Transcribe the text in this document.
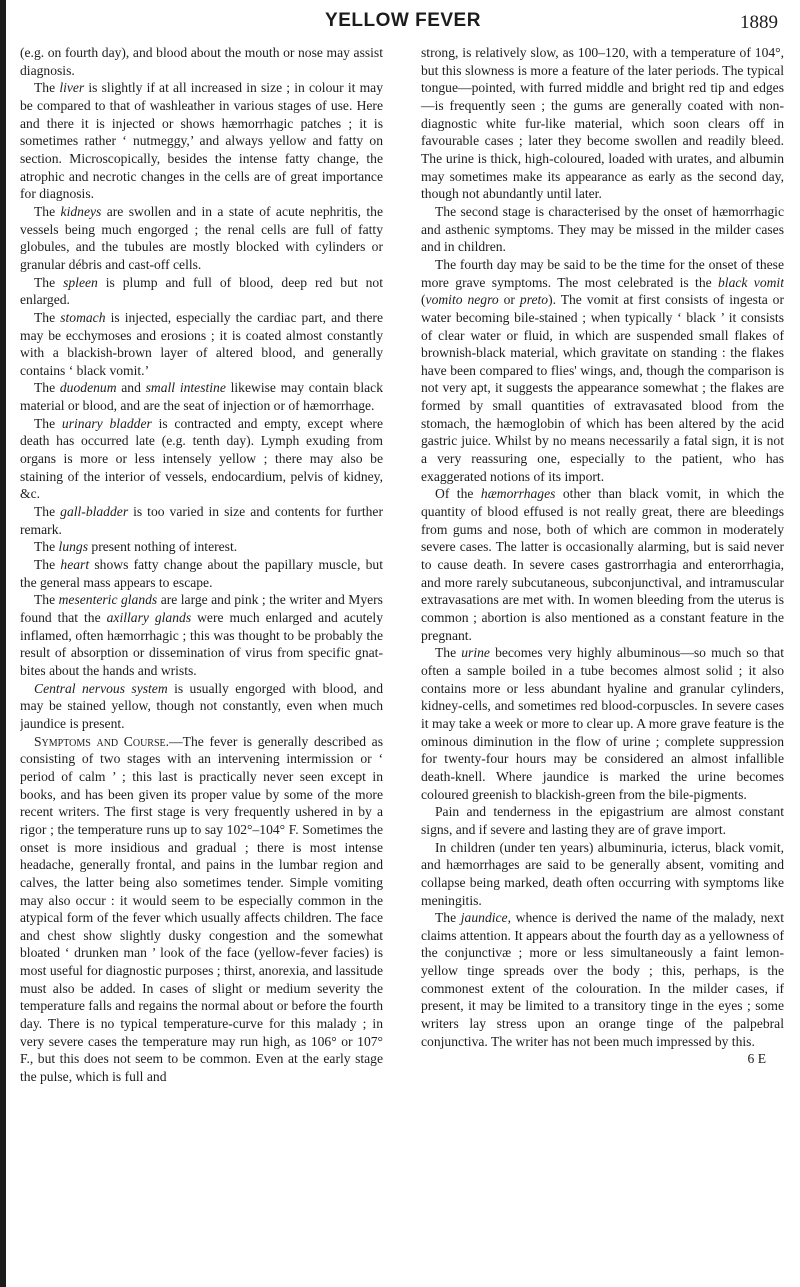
YELLOW FEVER	1889

(e.g. on fourth day), and blood about the mouth or nose may assist diagnosis.

The liver is slightly if at all increased in size ; in colour it may be compared to that of washleather in various stages of use. Here and there it is injected or shows hæmorrhagic patches ; it is sometimes rather ‘ nutmeggy,’ and always yellow and fatty on section. Microscopically, besides the intense fatty change, the atrophic and necrotic changes in the cells are of great importance for diagnosis.

The kidneys are swollen and in a state of acute nephritis, the vessels being much engorged ; the renal cells are full of fatty globules, and the tubules are mostly blocked with cylinders or granular débris and cast-off cells.

The spleen is plump and full of blood, deep red but not enlarged.

The stomach is injected, especially the cardiac part, and there may be ecchymoses and erosions ; it is coated almost constantly with a blackish-brown layer of altered blood, and generally contains ‘ black vomit.’

The duodenum and small intestine likewise may contain black material or blood, and are the seat of injection or of hæmorrhage.

The urinary bladder is contracted and empty, except where death has occurred late (e.g. tenth day). Lymph exuding from organs is more or less intensely yellow ; there may also be staining of the interior of vessels, endocardium, pelvis of kidney, &c.

The gall-bladder is too varied in size and contents for further remark.

The lungs present nothing of interest.

The heart shows fatty change about the papillary muscle, but the general mass appears to escape.

The mesenteric glands are large and pink ; the writer and Myers found that the axillary glands were much enlarged and acutely inflamed, often hæmorrhagic ; this was thought to be probably the result of absorption or dissemination of virus from specific gnat-bites about the hands and wrists.

Central nervous system is usually engorged with blood, and may be stained yellow, though not constantly, even when much jaundice is present.

Symptoms and Course.—The fever is generally described as consisting of two stages with an intervening intermission or ‘ period of calm ’ ; this last is practically never seen except in books, and has been given its proper value by some of the more recent writers. The first stage is very frequently ushered in by a rigor ; the temperature runs up to say 102°–104° F. Sometimes the onset is more insidious and gradual ; there is most intense headache, generally frontal, and pains in the lumbar region and calves, the latter being also sometimes tender. Simple vomiting may also occur : it would seem to be especially common in the atypical form of the fever which usually affects children. The face and chest show slightly dusky congestion and the somewhat bloated ‘ drunken man ’ look of the face (yellow-fever facies) is most useful for diagnostic purposes ; thirst, anorexia, and lassitude must also be added. In cases of slight or medium severity the temperature falls and regains the normal about or before the fourth day. There is no typical temperature-curve for this malady ; in very severe cases the temperature may run high, as 106° or 107° F., but this does not seem to be common. Even at the early stage the pulse, which is full and

strong, is relatively slow, as 100–120, with a temperature of 104°, but this slowness is more a feature of the later periods. The typical tongue—pointed, with furred middle and bright red tip and edges—is frequently seen ; the gums are generally coated with non-diagnostic white fur-like material, which soon clears off in favourable cases ; later they become swollen and readily bleed. The urine is thick, high-coloured, loaded with urates, and albumin may sometimes make its appearance as early as the second day, though not abundantly until later.

The second stage is characterised by the onset of hæmorrhagic and asthenic symptoms. They may be missed in the milder cases and in children.

The fourth day may be said to be the time for the onset of these more grave symptoms. The most celebrated is the black vomit (vomito negro or preto). The vomit at first consists of ingesta or water becoming bile-stained ; when typically ‘ black ’ it consists of clear water or fluid, in which are suspended small flakes of brownish-black material, which gravitate on standing : the flakes have been compared to flies' wings, and, though the comparison is not very apt, it suggests the appearance somewhat ; the flakes are formed by small quantities of extravasated blood from the stomach, the hæmoglobin of which has been altered by the acid gastric juice. Whilst by no means necessarily a fatal sign, it is not a very reassuring one, especially to the patient, who has exaggerated notions of its import.

Of the hæmorrhages other than black vomit, in which the quantity of blood effused is not really great, there are bleedings from gums and nose, both of which are common in moderately severe cases. The latter is occasionally alarming, but is said never to cause death. In severe cases gastrorrhagia and enterorrhagia, and more rarely subcutaneous, subconjunctival, and intramuscular extravasations are met with. In women bleeding from the uterus is common ; abortion is also mentioned as a constant feature in the pregnant.

The urine becomes very highly albuminous—so much so that often a sample boiled in a tube becomes almost solid ; it also contains more or less abundant hyaline and granular cylinders, kidney-cells, and sometimes red blood-corpuscles. In severe cases it may take a week or more to clear up. A more grave feature is the ominous diminution in the flow of urine ; complete suppression for twenty-four hours may be considered an almost infallible death-knell. Where jaundice is marked the urine becomes coloured greenish to blackish-green from the bile-pigments.

Pain and tenderness in the epigastrium are almost constant signs, and if severe and lasting they are of grave import.

In children (under ten years) albuminuria, icterus, black vomit, and hæmorrhages are said to be generally absent, vomiting and collapse being marked, death often occurring with symptoms like meningitis.

The jaundice, whence is derived the name of the malady, next claims attention. It appears about the fourth day as a yellowness of the conjunctivæ ; more or less simultaneously a faint lemon-yellow tinge spreads over the body ; this, perhaps, is the commonest extent of the colouration. In the milder cases, if present, it may be limited to a transitory tinge in the eyes ; some writers lay stress upon an orange tinge of the palpebral conjunctiva. The writer has not been much impressed by this.

6 E
